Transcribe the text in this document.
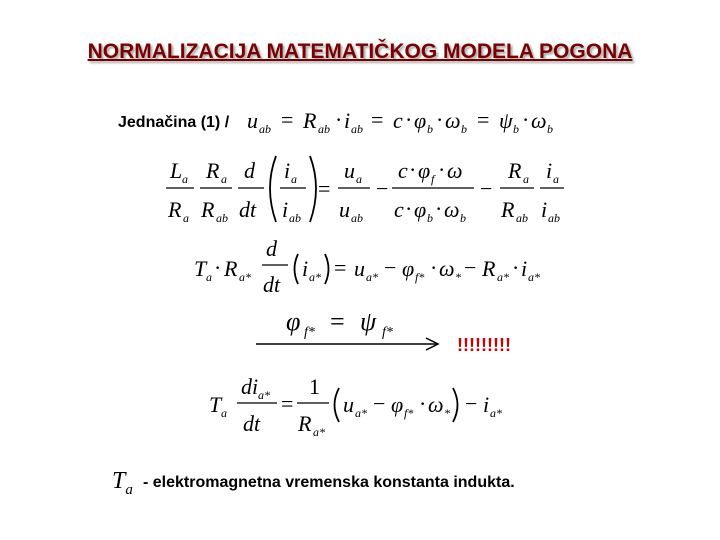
NORMALIZACIJA MATEMATIČKOG MODELA POGONA
Jednačina (1) / u ab = R ab · i ab = c · φ b · ω b = ψ b · ω b
L a
R a
R a
R ab
d
dt
i a
i ab
=
u a
u ab
−
c · φ f · ω
c · φ b · ω b
−
R a
R ab
i a
i ab
T a · R a*
d
dt
i a* = u a* − φ f* · ω * − R a* · i a*
φ f* = ψ f*
!!!!!!!!!
T a
di a*
dt
=
1
R a*
u a* − φ f* · ω * − i a*
$T_a$ - elektromagnetna vremenska konstanta indukta.
